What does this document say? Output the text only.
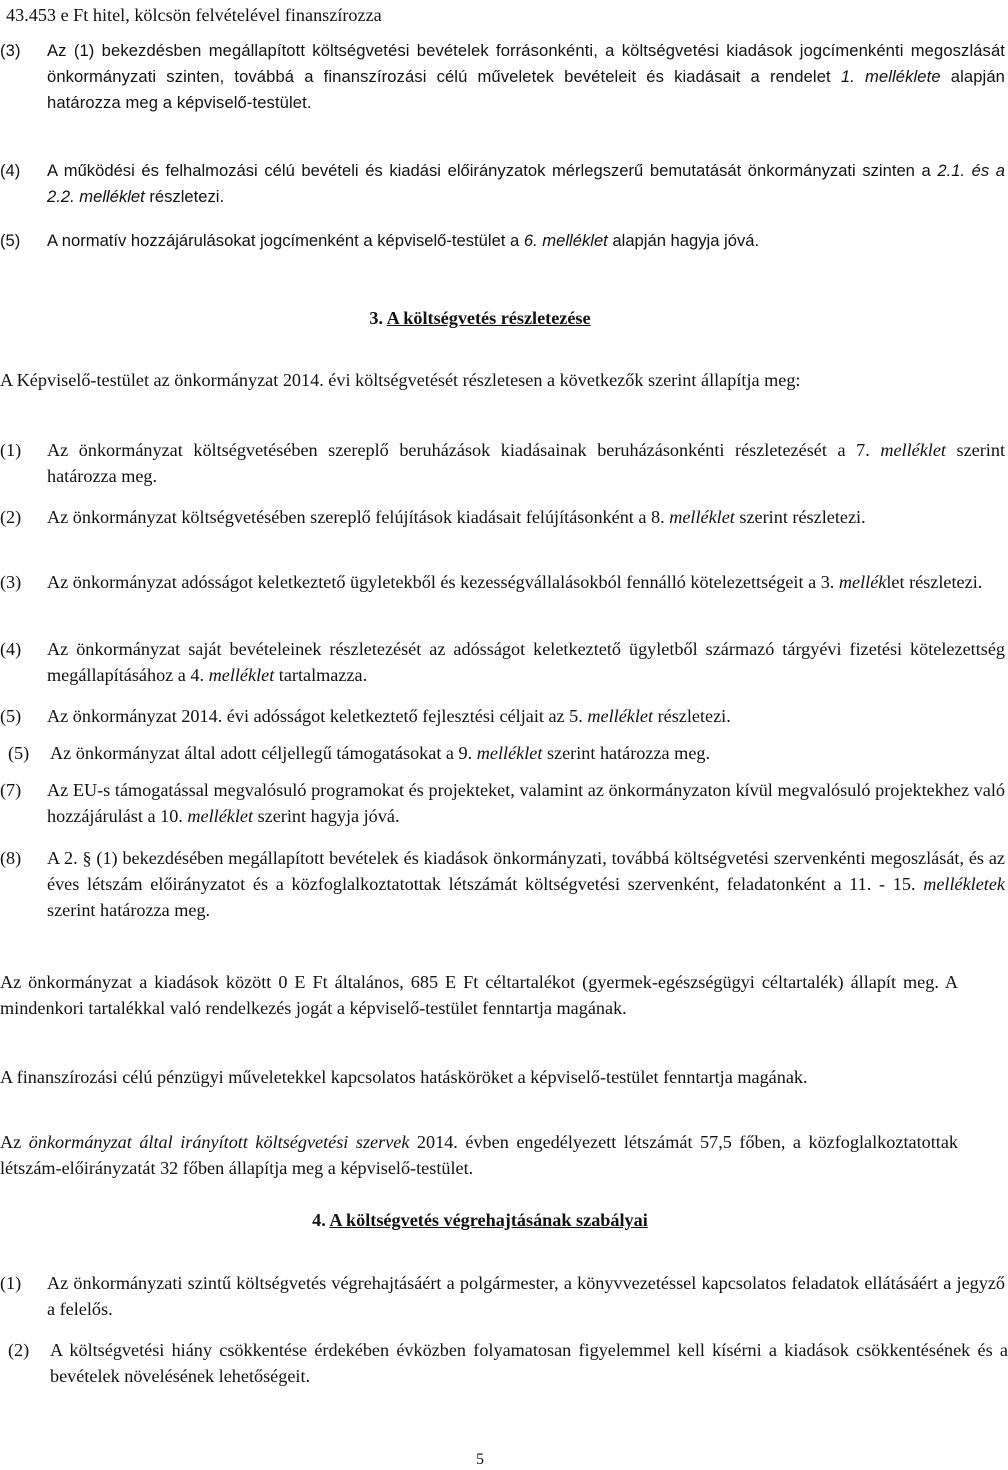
43.453 e Ft hitel, kölcsön felvételével finanszírozza

(3) Az (1) bekezdésben megállapított költségvetési bevételek forrásonkénti, a költségvetési kiadások jogcímenkénti megoszlását önkormányzati szinten, továbbá a finanszírozási célú műveletek bevételeit és kiadásait a rendelet 1. melléklete alapján határozza meg a képviselő-testület.

(4) A működési és felhalmozási célú bevételi és kiadási előirányzatok mérlegszerű bemutatását önkormányzati szinten a 2.1. és a 2.2. melléklet részletezi.

(5) A normatív hozzájárulásokat jogcímenként a képviselő-testület a 6. melléklet alapján hagyja jóvá.

3. A költségvetés részletezése

A Képviselő-testület az önkormányzat 2014. évi költségvetését részletesen a következők szerint állapítja meg:

(1) Az önkormányzat költségvetésében szereplő beruházások kiadásainak beruházásonkénti részletezését a 7. melléklet szerint határozza meg.

(2) Az önkormányzat költségvetésében szereplő felújítások kiadásait felújításonként a 8. melléklet szerint részletezi.

(3) Az önkormányzat adósságot keletkeztető ügyletekből és kezességvállalásokból fennálló kötelezettségeit a 3. melléklet részletezi.

(4) Az önkormányzat saját bevételeinek részletezését az adósságot keletkeztető ügyletből származó tárgyévi fizetési kötelezettség megállapításához a 4. melléklet tartalmazza.

(5) Az önkormányzat 2014. évi adósságot keletkeztető fejlesztési céljait az 5. melléklet részletezi.

(5) Az önkormányzat által adott céljellegű támogatásokat a 9. melléklet szerint határozza meg.

(7) Az EU-s támogatással megvalósuló programokat és projekteket, valamint az önkormányzaton kívül megvalósuló projektekhez való hozzájárulást a 10. melléklet szerint hagyja jóvá.

(8) A 2. § (1) bekezdésében megállapított bevételek és kiadások önkormányzati, továbbá költségvetési szervenkénti megoszlását, és az éves létszám előirányzatot és a közfoglalkoztatottak létszámát költségvetési szervenként, feladatonként a 11. - 15. mellékletek szerint határozza meg.

Az önkormányzat a kiadások között 0 E Ft általános, 685 E Ft céltartalékot (gyermek-egészségügyi céltartalék) állapít meg. A mindenkori tartalékkal való rendelkezés jogát a képviselő-testület fenntartja magának.

A finanszírozási célú pénzügyi műveletekkel kapcsolatos hatásköröket a képviselő-testület fenntartja magának.

Az önkormányzat által irányított költségvetési szervek 2014. évben engedélyezett létszámát 57,5 főben, a közfoglalkoztatottak létszám-előirányzatát 32 főben állapítja meg a képviselő-testület.

4. A költségvetés végrehajtásának szabályai

(1) Az önkormányzati szintű költségvetés végrehajtásáért a polgármester, a könyvvezetéssel kapcsolatos feladatok ellátásáért a jegyző a felelős.

(2) A költségvetési hiány csökkentése érdekében évközben folyamatosan figyelemmel kell kísérni a kiadások csökkentésének és a bevételek növelésének lehetőségeit.

5
